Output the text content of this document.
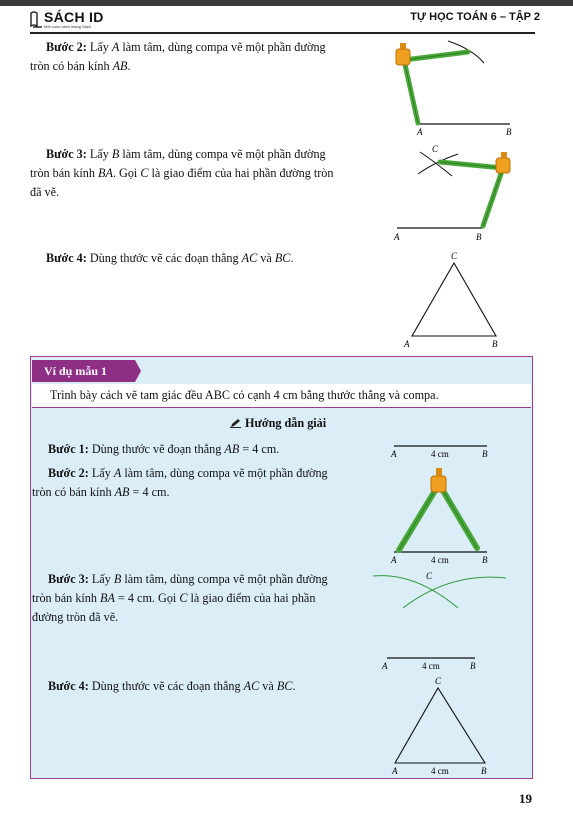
SÁCH ID
Một cuộc cách mạng Sách
TỰ HỌC TOÁN 6 – TẬP 2
Bước 2: Lấy A làm tâm, dùng compa vẽ một phần đường
tròn có bán kính AB.
A	B
Bước 3: Lấy B làm tâm, dùng compa vẽ một phần đường
tròn bán kính BA. Gọi C là giao điểm của hai phần đường tròn
đã vẽ.
C
A	B
Bước 4: Dùng thước vẽ các đoạn thẳng AC và BC.	C
A	B
Ví dụ mẫu 1
Trình bày cách vẽ tam giác đều ABC có cạnh 4 cm bằng thước thẳng và compa.
Hướng dẫn giải
Bước 1: Dùng thước vẽ đoạn thẳng AB = 4 cm.	A	4 cm	B
Bước 2: Lấy A làm tâm, dùng compa vẽ một phần đường
tròn có bán kính AB = 4 cm.
A	4 cm	B
Bước 3: Lấy B làm tâm, dùng compa vẽ một phần đường
tròn bán kính BA = 4 cm. Gọi C là giao điểm của hai phần
đường tròn đã vẽ.
C
A	4 cm	B
Bước 4: Dùng thước vẽ các đoạn thẳng AC và BC.	C
A	4 cm	B
19
